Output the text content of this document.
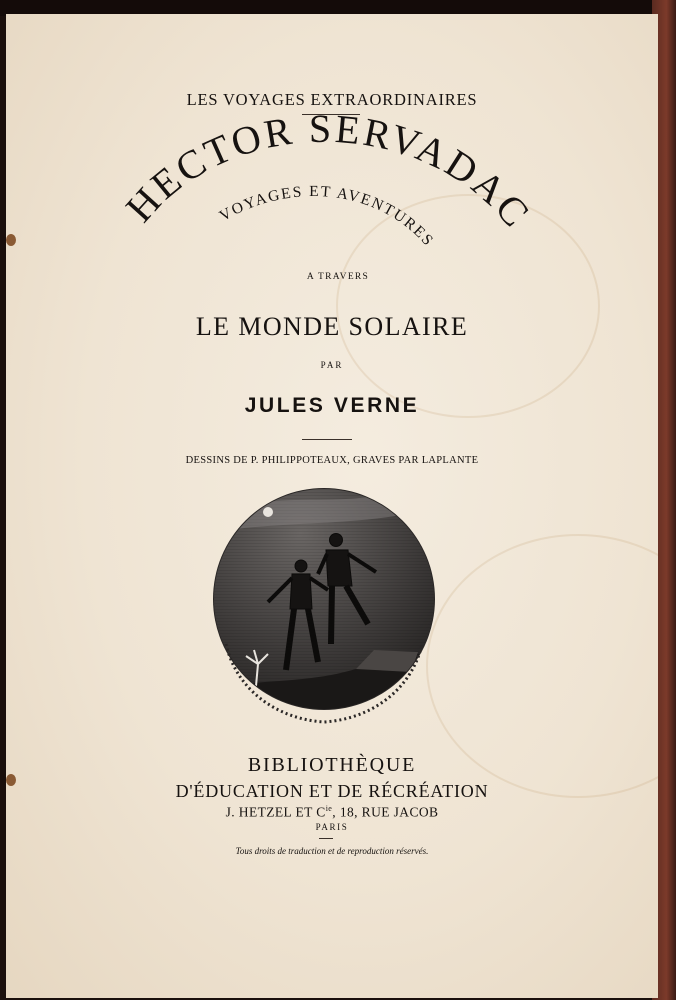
LES VOYAGES EXTRAORDINAIRES
HECTOR SERVADAC
VOYAGES ET AVENTURES
A TRAVERS
LE MONDE SOLAIRE
PAR
JULES VERNE
DESSINS DE P. PHILIPPOTEAUX, GRAVES PAR LAPLANTE
BIBLIOTHÈQUE
D'ÉDUCATION ET DE RÉCRÉATION
J. HETZEL ET $C^{ie}$, 18, RUE JACOB
PARIS
Tous droits de traduction et de reproduction réservés.
